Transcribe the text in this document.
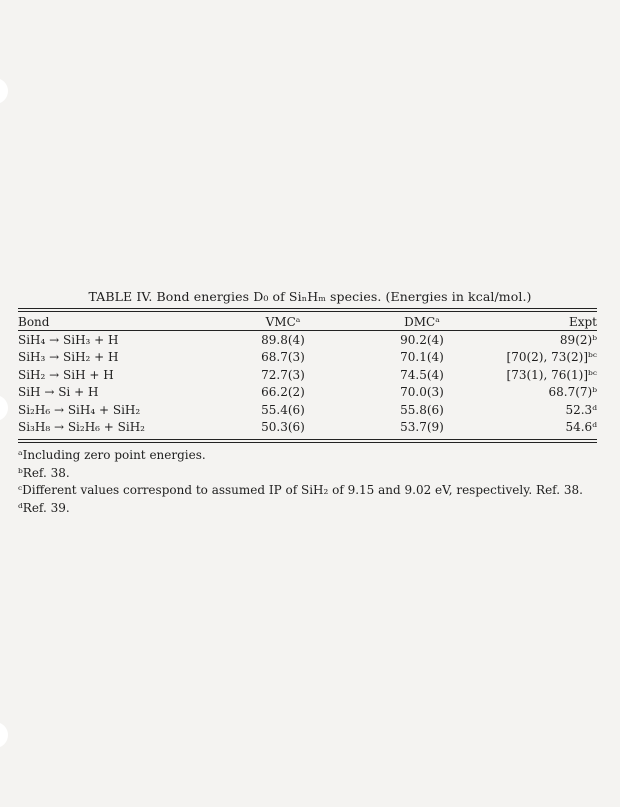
TABLE IV. Bond energies D₀ of SiₙHₘ species. (Energies in kcal/mol.)
Bond	VMCᵃ	DMCᵃ	Expt
SiH₄ → SiH₃ + H	89.8(4)	90.2(4)	89(2)ᵇ
SiH₃ → SiH₂ + H	68.7(3)	70.1(4)	[70(2), 73(2)]ᵇᶜ
SiH₂ → SiH + H	72.7(3)	74.5(4)	[73(1), 76(1)]ᵇᶜ
SiH → Si + H	66.2(2)	70.0(3)	68.7(7)ᵇ
Si₂H₆ → SiH₄ + SiH₂	55.4(6)	55.8(6)	52.3ᵈ
Si₃H₈ → Si₂H₆ + SiH₂	50.3(6)	53.7(9)	54.6ᵈ
ᵃIncluding zero point energies.
ᵇRef. 38.
ᶜDifferent values correspond to assumed IP of SiH₂ of 9.15 and 9.02 eV, respectively. Ref. 38.
ᵈRef. 39.
